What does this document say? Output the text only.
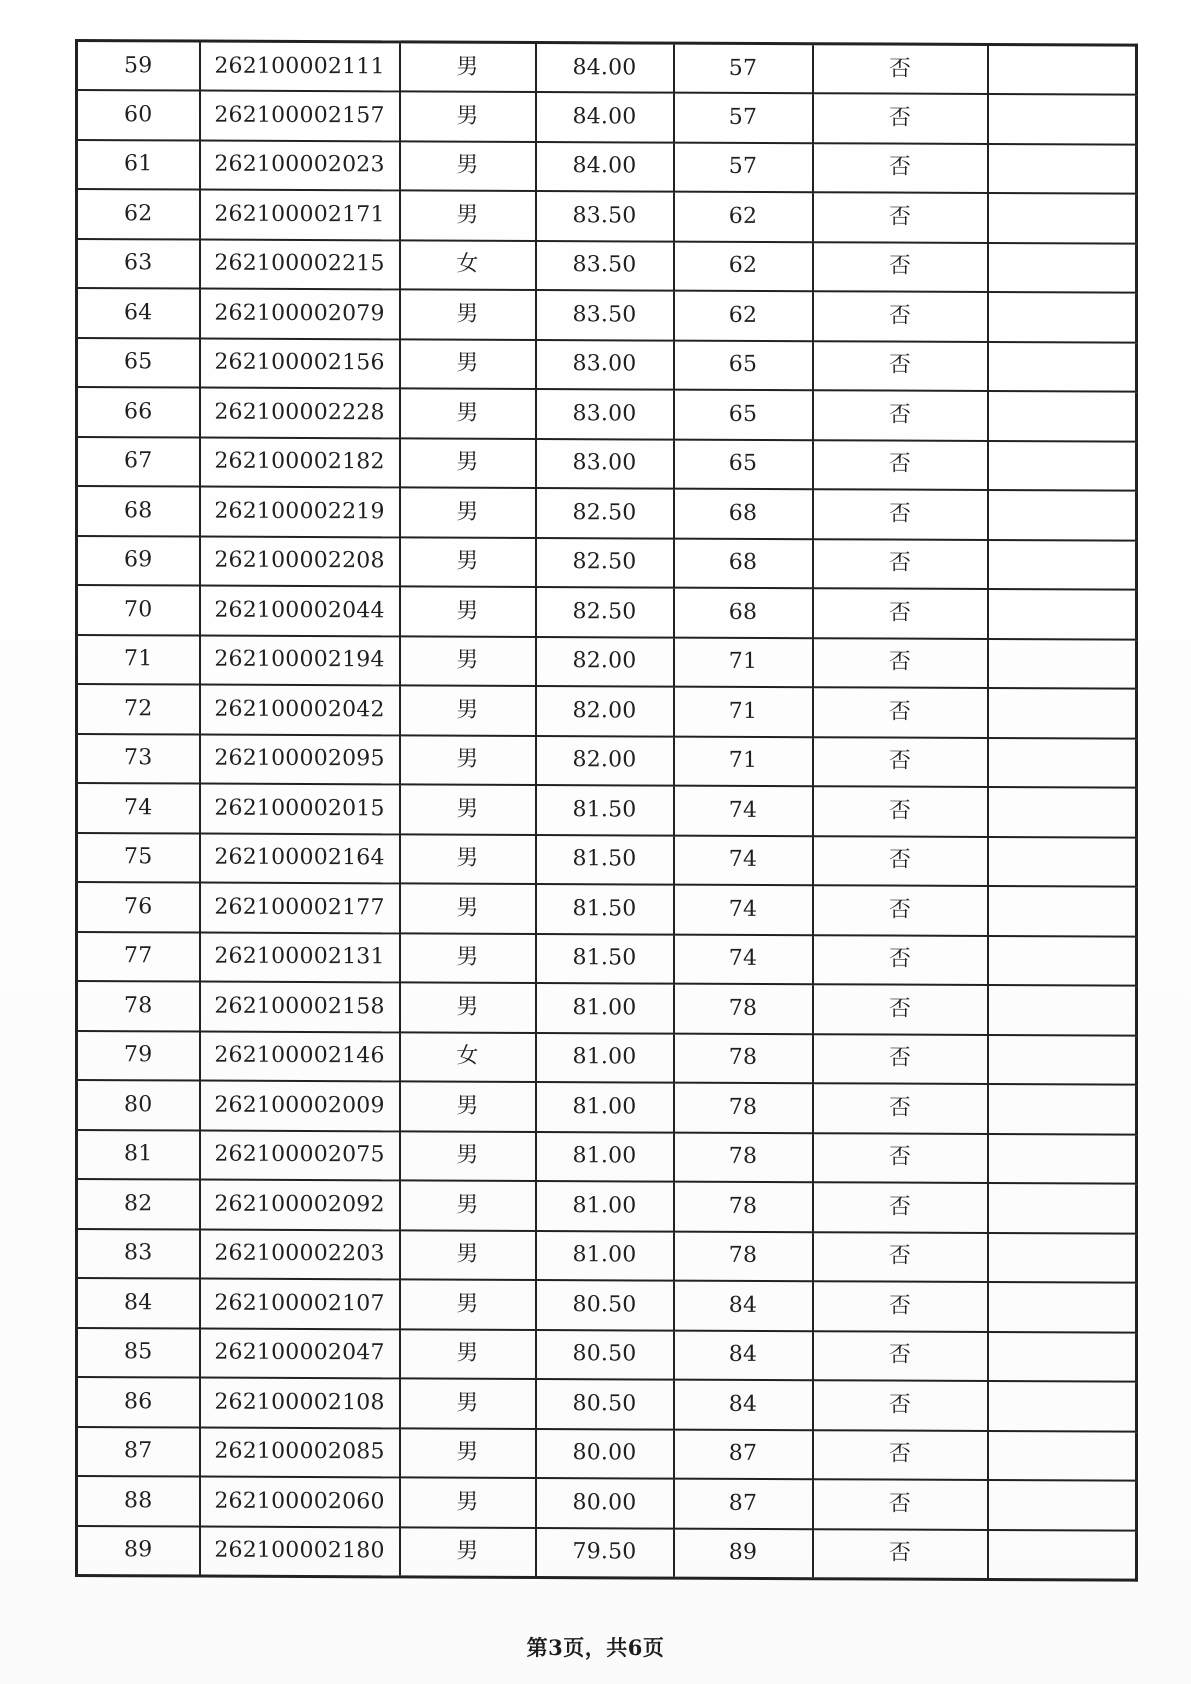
59	262100002111	男	84.00	57	否	
60	262100002157	男	84.00	57	否	
61	262100002023	男	84.00	57	否	
62	262100002171	男	83.50	62	否	
63	262100002215	女	83.50	62	否	
64	262100002079	男	83.50	62	否	
65	262100002156	男	83.00	65	否	
66	262100002228	男	83.00	65	否	
67	262100002182	男	83.00	65	否	
68	262100002219	男	82.50	68	否	
69	262100002208	男	82.50	68	否	
70	262100002044	男	82.50	68	否	
71	262100002194	男	82.00	71	否	
72	262100002042	男	82.00	71	否	
73	262100002095	男	82.00	71	否	
74	262100002015	男	81.50	74	否	
75	262100002164	男	81.50	74	否	
76	262100002177	男	81.50	74	否	
77	262100002131	男	81.50	74	否	
78	262100002158	男	81.00	78	否	
79	262100002146	女	81.00	78	否	
80	262100002009	男	81.00	78	否	
81	262100002075	男	81.00	78	否	
82	262100002092	男	81.00	78	否	
83	262100002203	男	81.00	78	否	
84	262100002107	男	80.50	84	否	
85	262100002047	男	80.50	84	否	
86	262100002108	男	80.50	84	否	
87	262100002085	男	80.00	87	否	
88	262100002060	男	80.00	87	否	
89	262100002180	男	79.50	89	否	
第3页，共6页
